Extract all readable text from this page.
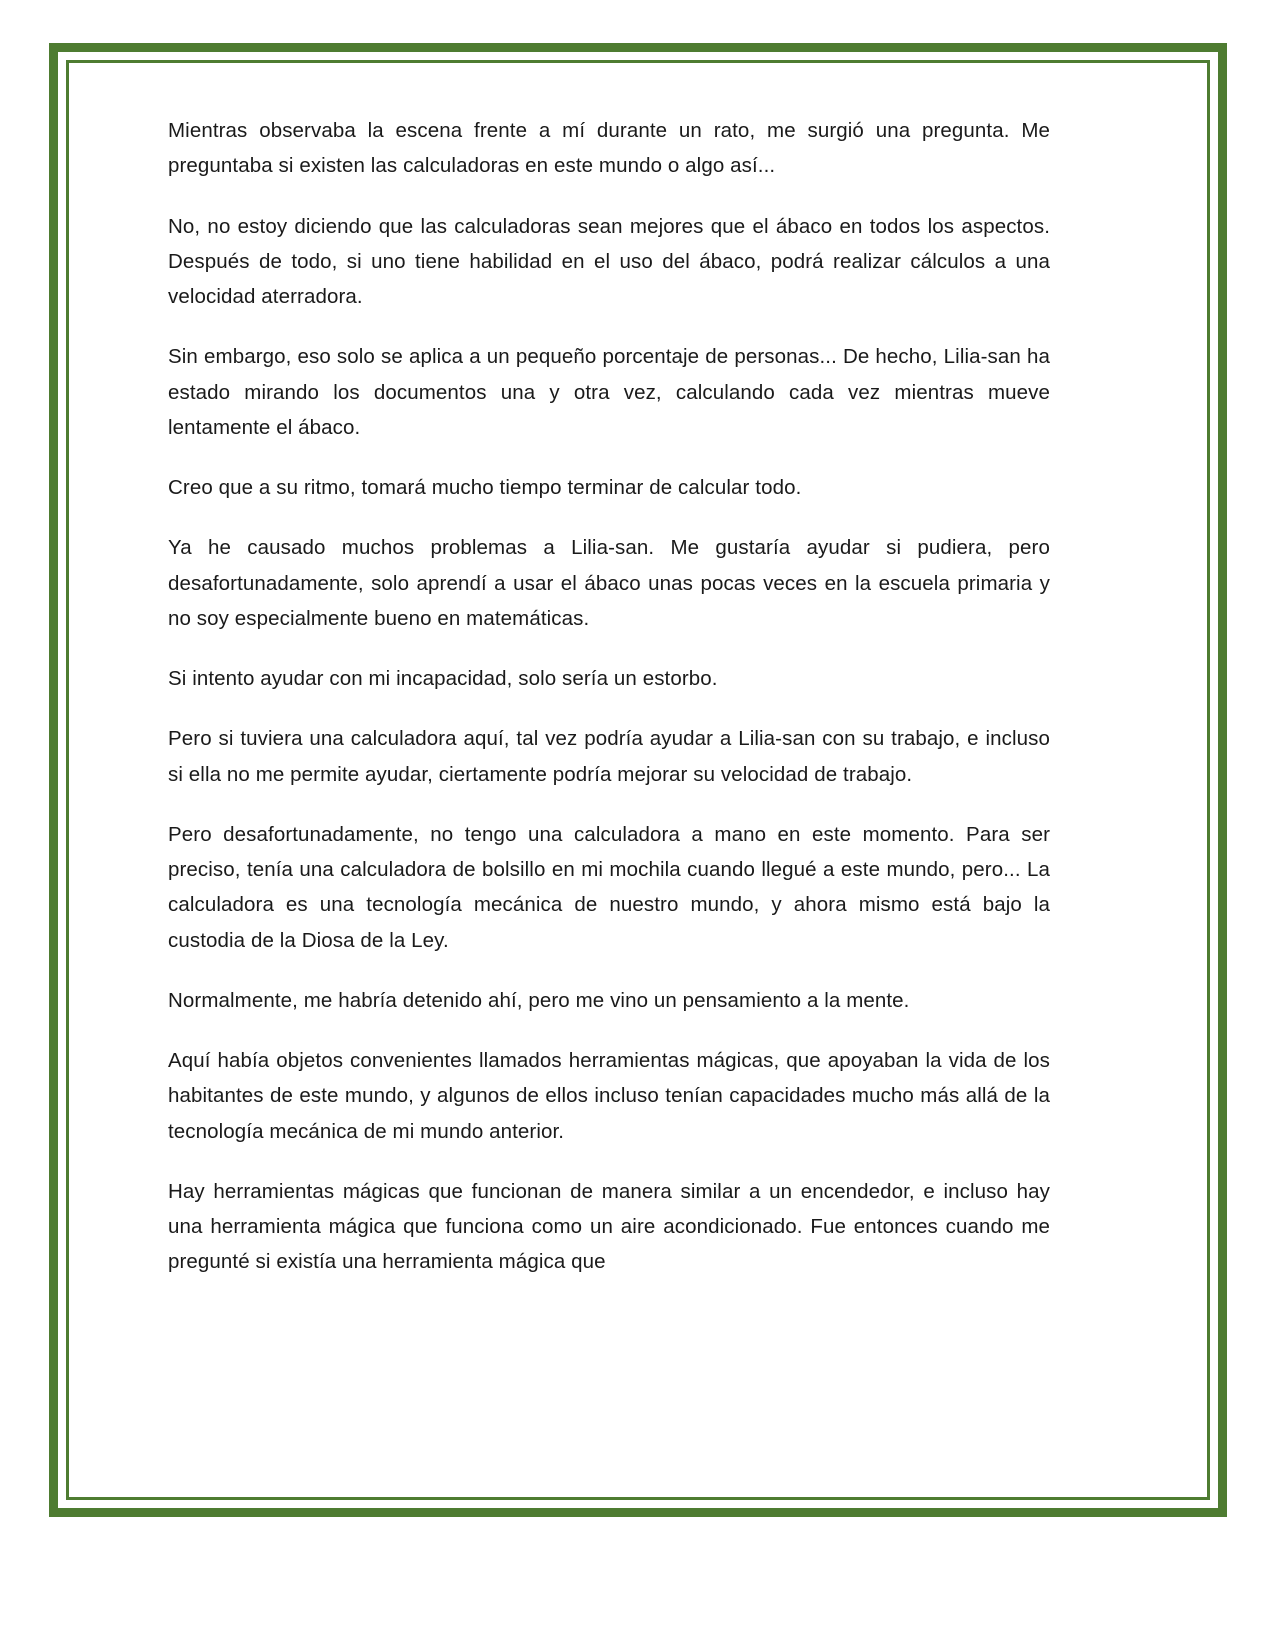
Mientras observaba la escena frente a mí durante un rato, me surgió una pregunta. Me preguntaba si existen las calculadoras en este mundo o algo así...

No, no estoy diciendo que las calculadoras sean mejores que el ábaco en todos los aspectos. Después de todo, si uno tiene habilidad en el uso del ábaco, podrá realizar cálculos a una velocidad aterradora.

Sin embargo, eso solo se aplica a un pequeño porcentaje de personas... De hecho, Lilia-san ha estado mirando los documentos una y otra vez, calculando cada vez mientras mueve lentamente el ábaco.

Creo que a su ritmo, tomará mucho tiempo terminar de calcular todo.

Ya he causado muchos problemas a Lilia-san. Me gustaría ayudar si pudiera, pero desafortunadamente, solo aprendí a usar el ábaco unas pocas veces en la escuela primaria y no soy especialmente bueno en matemáticas.

Si intento ayudar con mi incapacidad, solo sería un estorbo.

Pero si tuviera una calculadora aquí, tal vez podría ayudar a Lilia-san con su trabajo, e incluso si ella no me permite ayudar, ciertamente podría mejorar su velocidad de trabajo.

Pero desafortunadamente, no tengo una calculadora a mano en este momento. Para ser preciso, tenía una calculadora de bolsillo en mi mochila cuando llegué a este mundo, pero... La calculadora es una tecnología mecánica de nuestro mundo, y ahora mismo está bajo la custodia de la Diosa de la Ley.

Normalmente, me habría detenido ahí, pero me vino un pensamiento a la mente.

Aquí había objetos convenientes llamados herramientas mágicas, que apoyaban la vida de los habitantes de este mundo, y algunos de ellos incluso tenían capacidades mucho más allá de la tecnología mecánica de mi mundo anterior.

Hay herramientas mágicas que funcionan de manera similar a un encendedor, e incluso hay una herramienta mágica que funciona como un aire acondicionado. Fue entonces cuando me pregunté si existía una herramienta mágica que
